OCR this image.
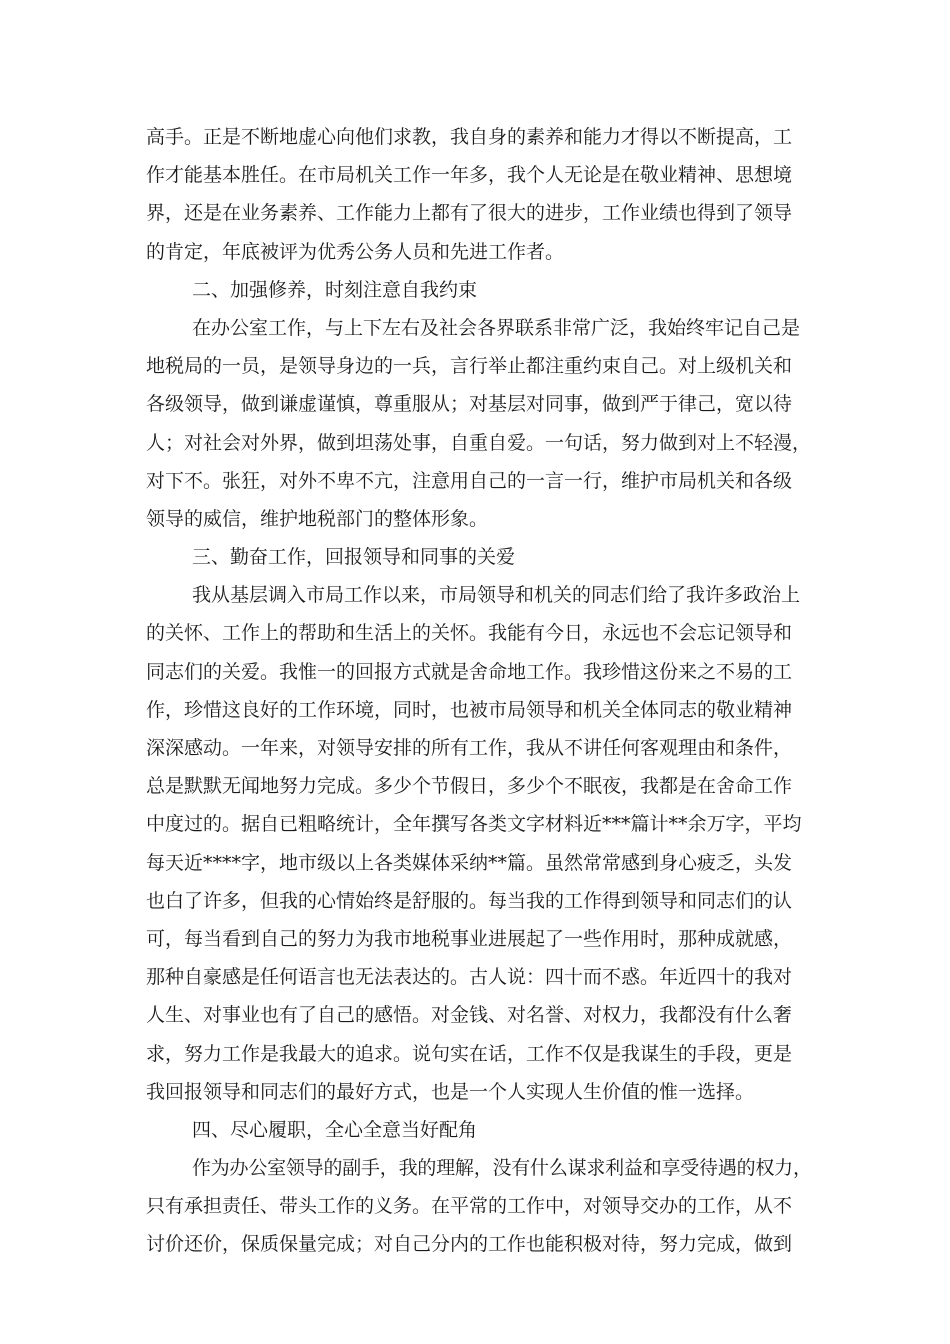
高手。正是不断地虚心向他们求教，我自身的素养和能力才得以不断提高，工
作才能基本胜任。在市局机关工作一年多，我个人无论是在敬业精神、思想境
界，还是在业务素养、工作能力上都有了很大的进步，工作业绩也得到了领导
的肯定，年底被评为优秀公务人员和先进工作者。
二、加强修养，时刻注意自我约束
在办公室工作，与上下左右及社会各界联系非常广泛，我始终牢记自己是
地税局的一员，是领导身边的一兵，言行举止都注重约束自己。对上级机关和
各级领导，做到谦虚谨慎，尊重服从；对基层对同事，做到严于律己，宽以待
人；对社会对外界，做到坦荡处事，自重自爱。一句话，努力做到对上不轻漫，
对下不。张狂，对外不卑不亢，注意用自己的一言一行，维护市局机关和各级
领导的威信，维护地税部门的整体形象。
三、勤奋工作，回报领导和同事的关爱
我从基层调入市局工作以来，市局领导和机关的同志们给了我许多政治上
的关怀、工作上的帮助和生活上的关怀。我能有今日，永远也不会忘记领导和
同志们的关爱。我惟一的回报方式就是舍命地工作。我珍惜这份来之不易的工
作，珍惜这良好的工作环境，同时，也被市局领导和机关全体同志的敬业精神
深深感动。一年来，对领导安排的所有工作，我从不讲任何客观理由和条件，
总是默默无闻地努力完成。多少个节假日，多少个不眠夜，我都是在舍命工作
中度过的。据自已粗略统计，全年撰写各类文字材料近***篇计**余万字，平均
每天近****字，地市级以上各类媒体采纳**篇。虽然常常感到身心疲乏，头发
也白了许多，但我的心情始终是舒服的。每当我的工作得到领导和同志们的认
可，每当看到自己的努力为我市地税事业进展起了一些作用时，那种成就感，
那种自豪感是任何语言也无法表达的。古人说：四十而不惑。年近四十的我对
人生、对事业也有了自己的感悟。对金钱、对名誉、对权力，我都没有什么奢
求，努力工作是我最大的追求。说句实在话，工作不仅是我谋生的手段，更是
我回报领导和同志们的最好方式，也是一个人实现人生价值的惟一选择。
四、尽心履职，全心全意当好配角
作为办公室领导的副手，我的理解，没有什么谋求利益和享受待遇的权力，
只有承担责任、带头工作的义务。在平常的工作中，对领导交办的工作，从不
讨价还价，保质保量完成；对自己分内的工作也能积极对待，努力完成，做到
